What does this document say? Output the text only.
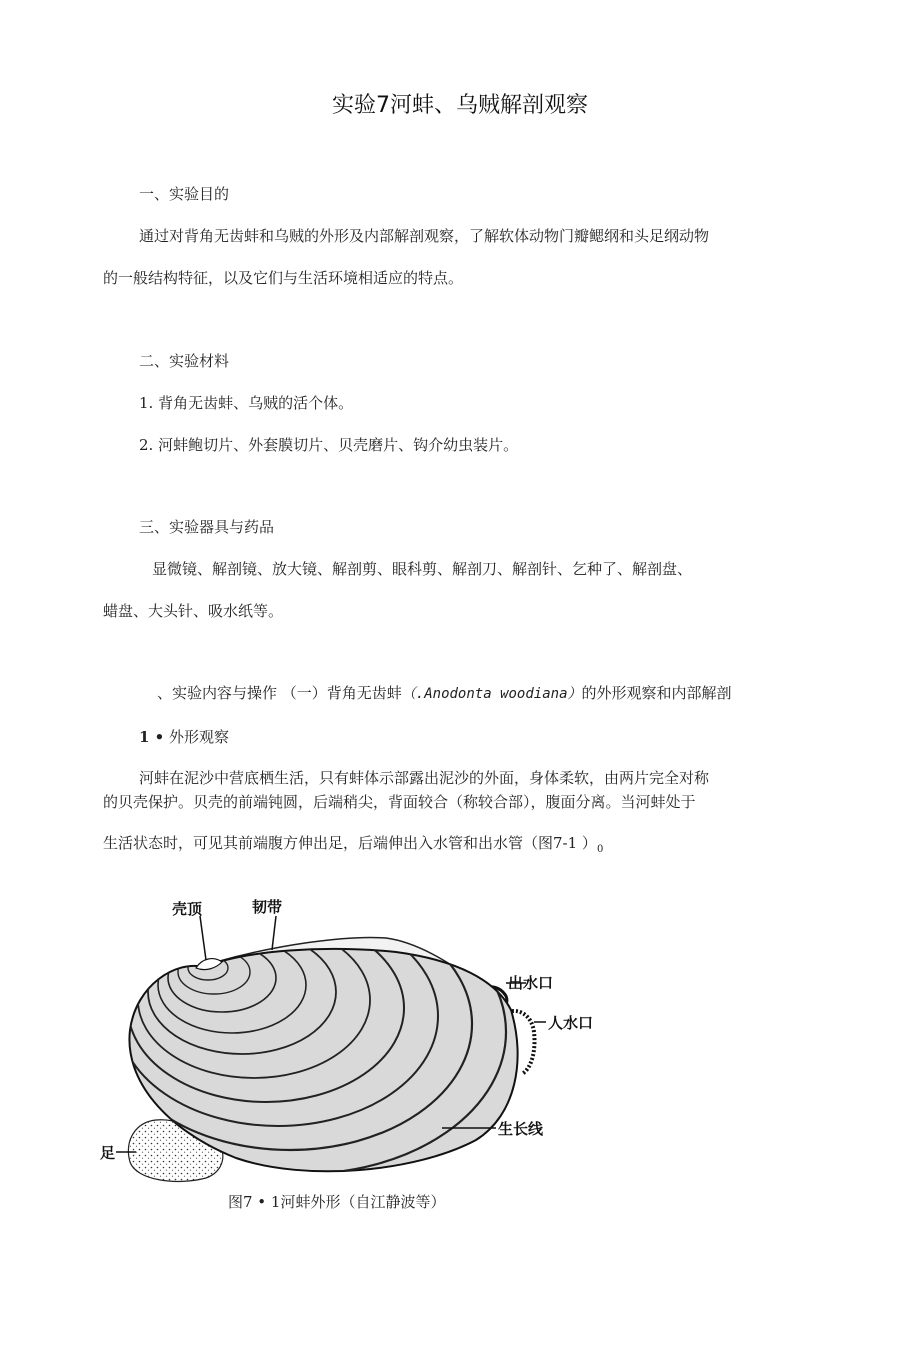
实验7河蚌、乌贼解剖观察
一、实验目的
通过对背角无齿蚌和乌贼的外形及内部解剖观察，了解软体动物门瓣鳃纲和头足纲动物
的一般结构特征，以及它们与生活环境相适应的特点。
二、实验材料
1. 背角无齿蚌、乌贼的活个体。
2. 河蚌鲍切片、外套膜切片、贝壳磨片、钩介幼虫装片。
三、实验器具与药品
显微镜、解剖镜、放大镜、解剖剪、眼科剪、解剖刀、解剖针、乞种了、解剖盘、
蜡盘、大头针、吸水纸等。
、实验内容与操作 （一）背角无齿蚌（.Anodonta woodiana）的外形观察和内部解剖
1 • 外形观察
河蚌在泥沙中营底栖生活，只有蚌体示部露出泥沙的外面，身体柔软，由两片完全对称
的贝壳保护。贝壳的前端钝圆，后端稍尖，背面较合（称较合部），腹面分离。当河蚌处于
生活状态时，可见其前端腹方伸出足，后端伸出入水管和出水管（图7-1 ）$_0$
壳顶	韧带
出水口
人水口
生长线
足
图7 • 1河蚌外形（自江静波等）
